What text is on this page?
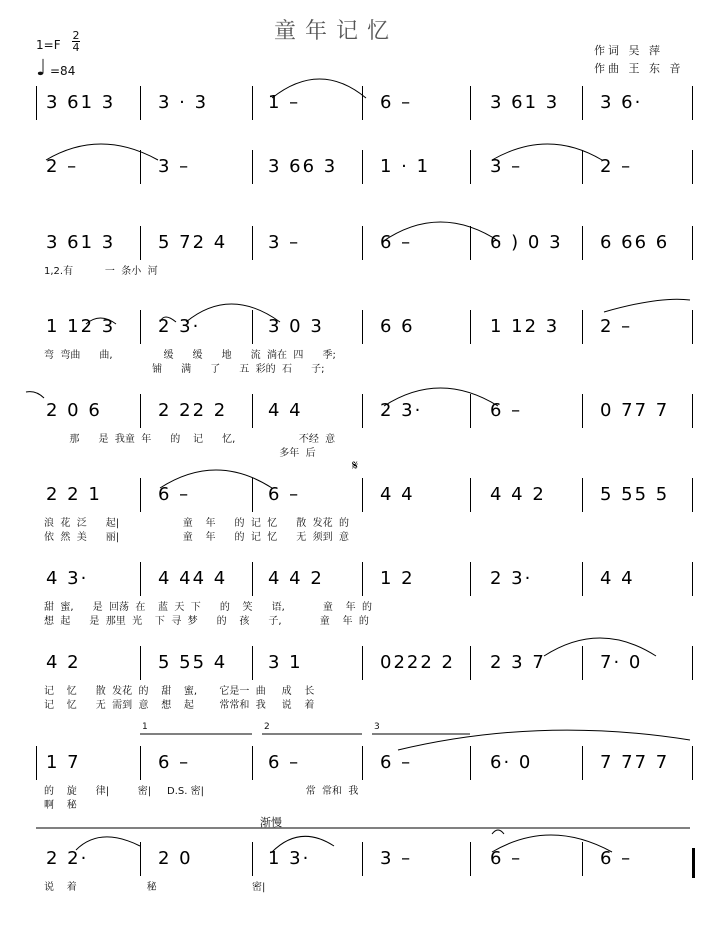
童年记忆
1=F
2
4
♩ =84
作词 吴 萍
作曲 王 东 音
3 61 3 3 · 3	1 –	6 –	3 61 3 3 6·
2 –	3 –	3 66 3 1 · 1	3 –	2 –
3 61 3 5 72 4 3 –	6 –	6 ) 0 3 6 66 6
1,2.有          一  条小  河
1 12 3 2 3·	3 0 3	6 6	1 12 3 2 –
弯  弯曲      曲,                缓      缓      地      流  淌在  四      季;
铺      满      了      五  彩的  石      子;
2 0 6	2 22 2 4 4	2 3·	6 –	0 77 7
那      是  我童  年      的    记      忆,                    不经  意
多年  后
2 2 1	6 –	6 –	4 4	4 4 2	5 55 5
浪  花  泛      起|                    童    年      的  记  忆      散  发花  的
依  然  美      丽|                    童    年      的  记  忆      无  须到  意
4 3·	4 44 4 4 4 2	1 2	2 3·	4 4
甜  蜜,      是  回荡  在    蓝  天  下      的    笑      语,            童    年  的
想  起      是  那里  光    下  寻  梦      的    孩      子,            童    年  的
4 2	5 55 4 3 1	0222 2 2 3 7	7· 0
记    忆      散  发花  的    甜    蜜,       它是一  曲     成    长
记    忆      无  需到  意    想    起        常常和  我     说    着
1 7	6 –	6 –	6 –	6· 0	7 77 7
的    旋      律|         密|     D.S. 密|                                常  常和  我
啊    秘
1	2	3
2 2·	2 0	1 3·	3 –	6 –	6 –
说    着                      秘                              密|
渐慢
𝄋
